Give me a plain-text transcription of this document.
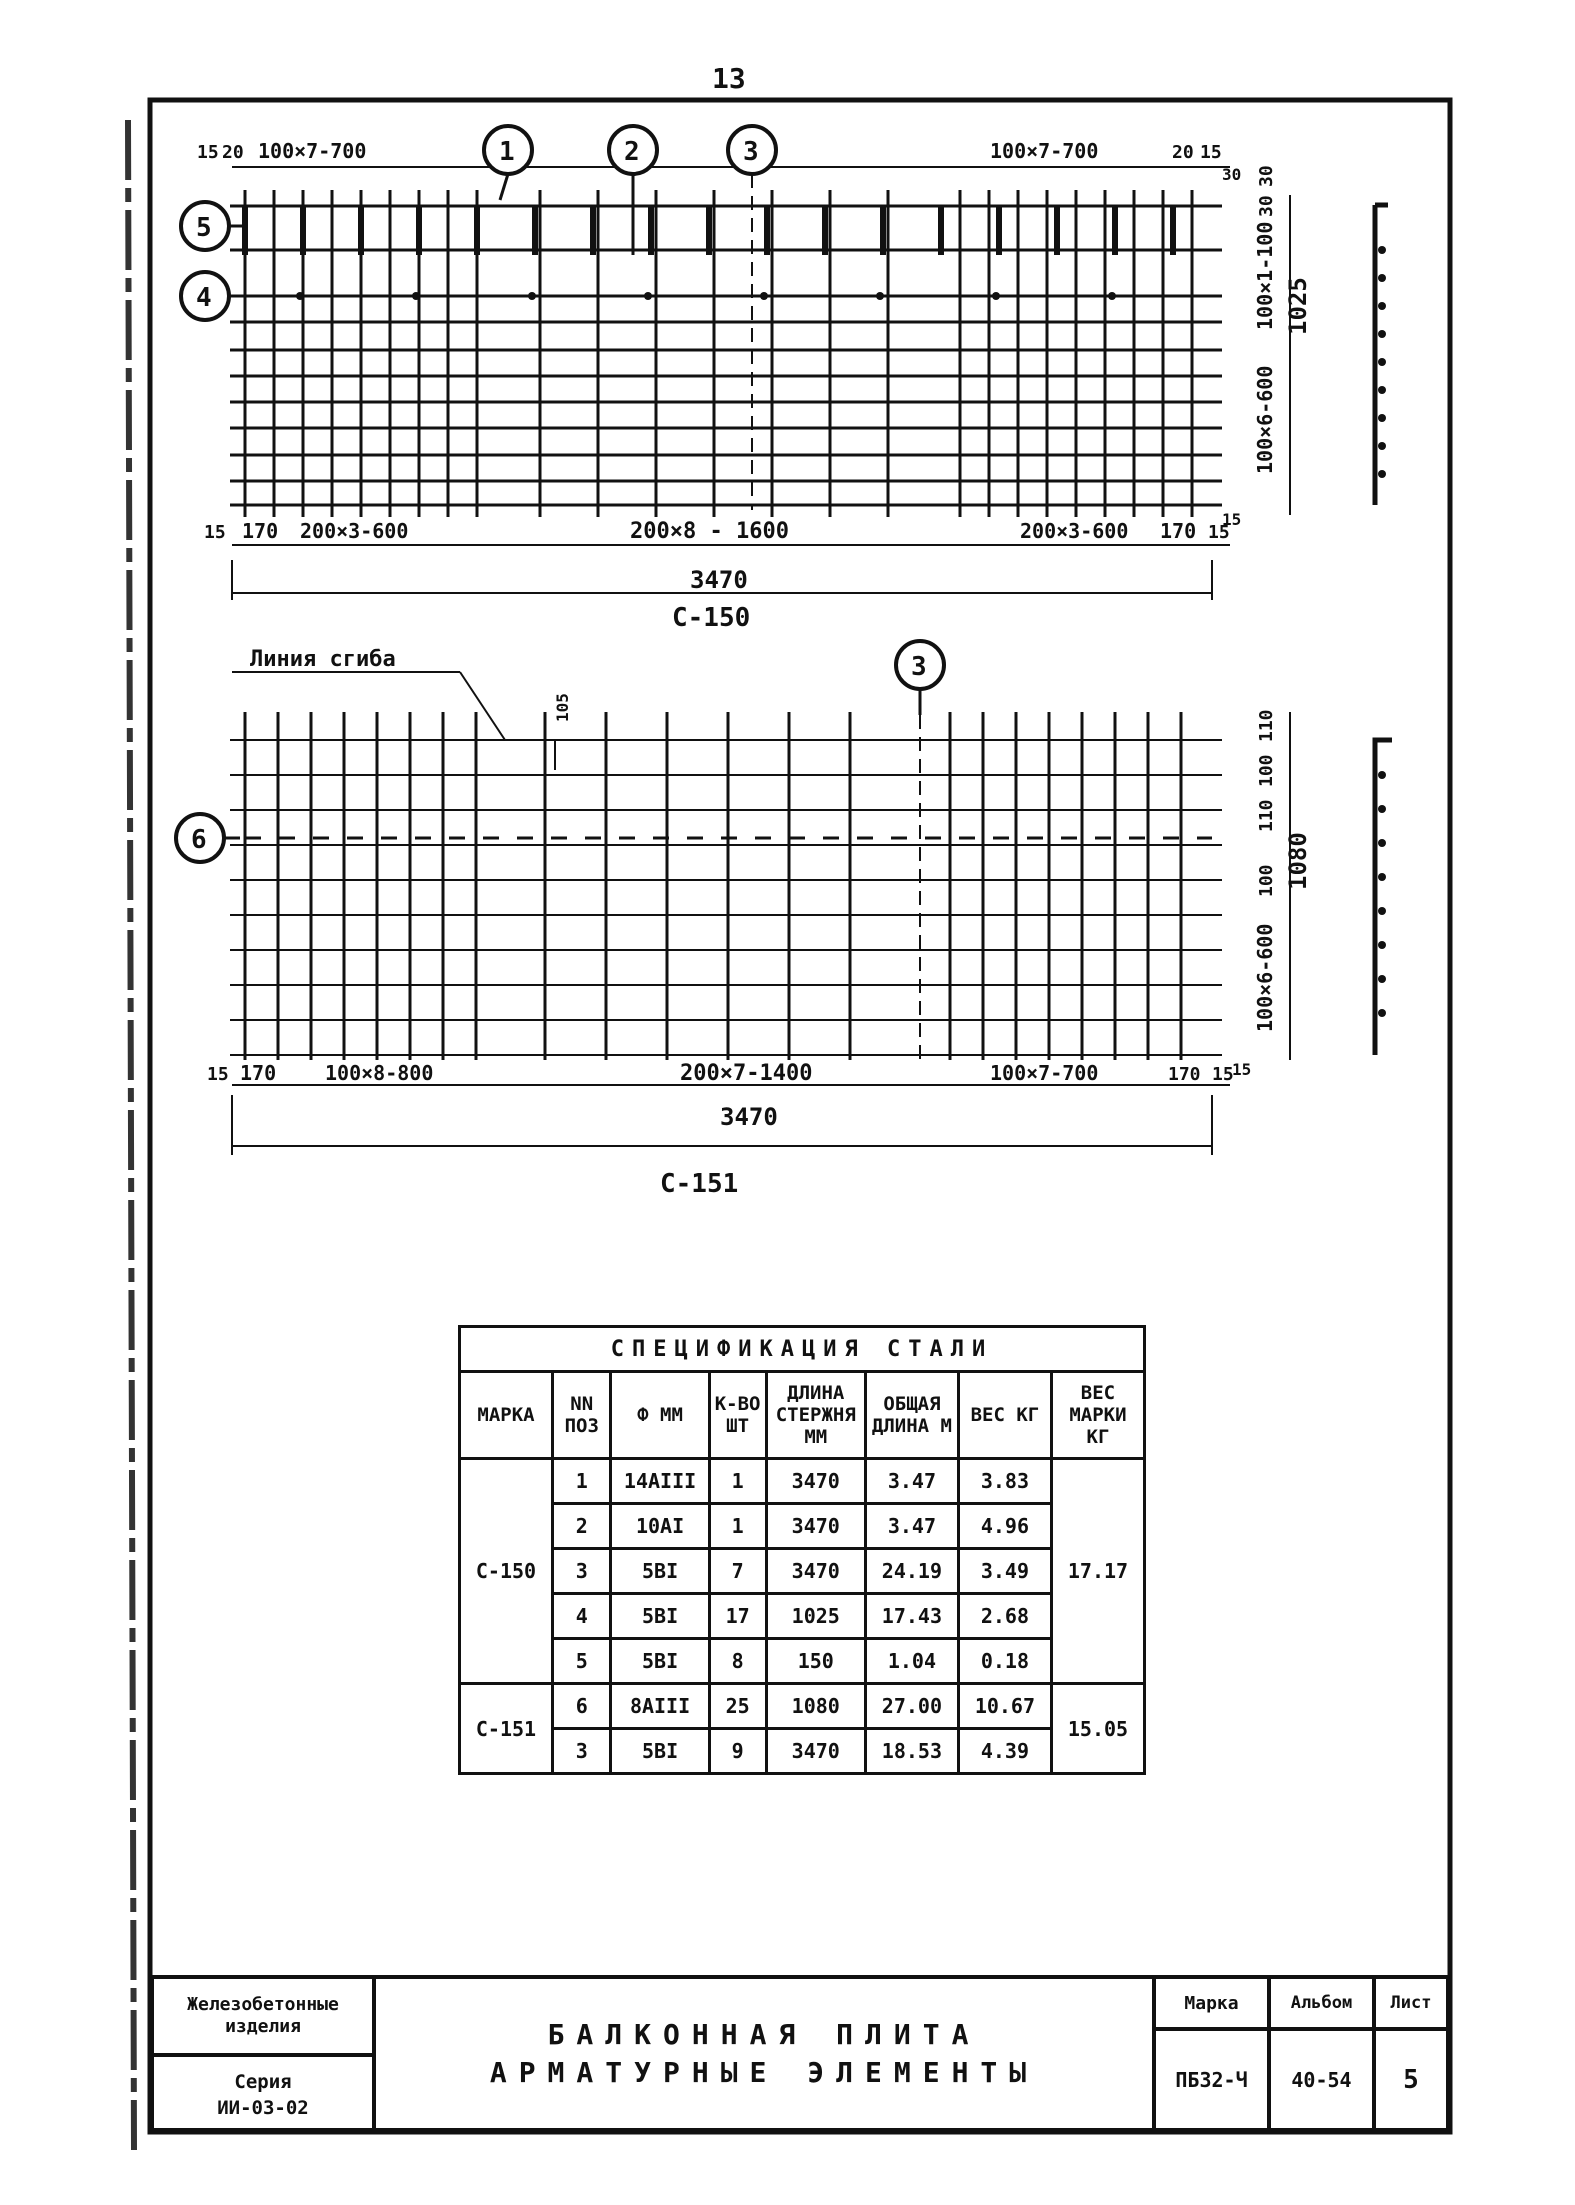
13
15 20 100×7-700	100×7-700	20 15
1	2	3
5
4
15 170 200×3-600	200×8 - 1600	200×3-600 170 15
3470
С-150
100×6-600
100×1-100
30
30
30
15
1025
Линия сгиба
105
3
6
15 170 100×8-800	200×7-1400	100×7-700	170 15
3470
С-151
100×6-600
100
110
100
110
15
1080
СПЕЦИФИКАЦИЯ СТАЛИ							
МАРКА	NN ПОЗ	Ф ММ	К-ВО ШТ	ДЛИНА СТЕРЖНЯ ММ	ОБЩАЯ ДЛИНА М	ВЕС КГ	ВЕС МАРКИ КГ
С-150	1	14АIII	1	3470	3.47	3.83	17.17
	2	10АI	1	3470	3.47	4.96	
	3	5ВI	7	3470	24.19	3.49	
	4	5ВI	17	1025	17.43	2.68	
	5	5ВI	8	150	1.04	0.18	
С-151	6	8АIII	25	1080	27.00	10.67	15.05
	3	5ВI	9	3470	18.53	4.39	
Железобетонные
изделия
Серия
ИИ-03-02
БАЛКОННАЯ ПЛИТА
АРМАТУРНЫЕ ЭЛЕМЕНТЫ
Марка
ПБ32-Ч
Альбом
40-54
Лист
5
